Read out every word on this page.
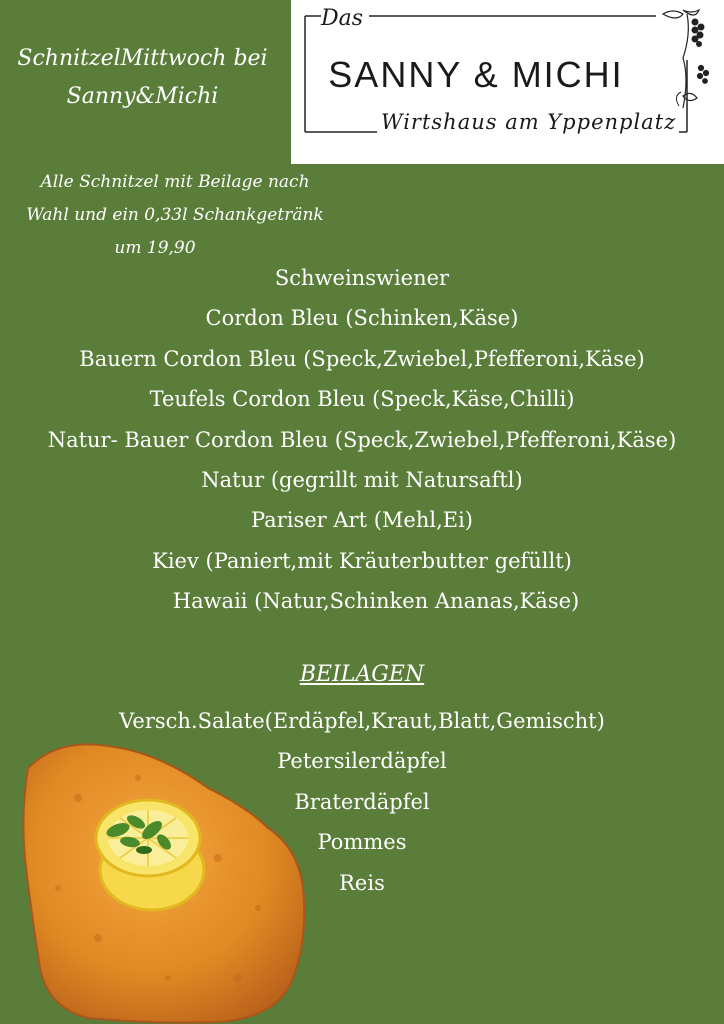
SchnitzelMittwoch bei
Sanny&Michi
Das
SANNY & MICHI
Wirtshaus am Yppenplatz
Alle Schnitzel mit Beilage nach
Wahl und ein 0,33l Schankgetränk
um 19,90
Schweinswiener
Cordon Bleu (Schinken,Käse)
Bauern Cordon Bleu (Speck,Zwiebel,Pfefferoni,Käse)
Teufels Cordon Bleu (Speck,Käse,Chilli)
Natur- Bauer Cordon Bleu (Speck,Zwiebel,Pfefferoni,Käse)
Natur (gegrillt mit Natursaftl)
Pariser Art (Mehl,Ei)
Kiev (Paniert,mit Kräuterbutter gefüllt)
Hawaii (Natur,Schinken Ananas,Käse)
BEILAGEN
Versch.Salate(Erdäpfel,Kraut,Blatt,Gemischt)
Petersilerdäpfel
Braterdäpfel
Pommes
Reis
